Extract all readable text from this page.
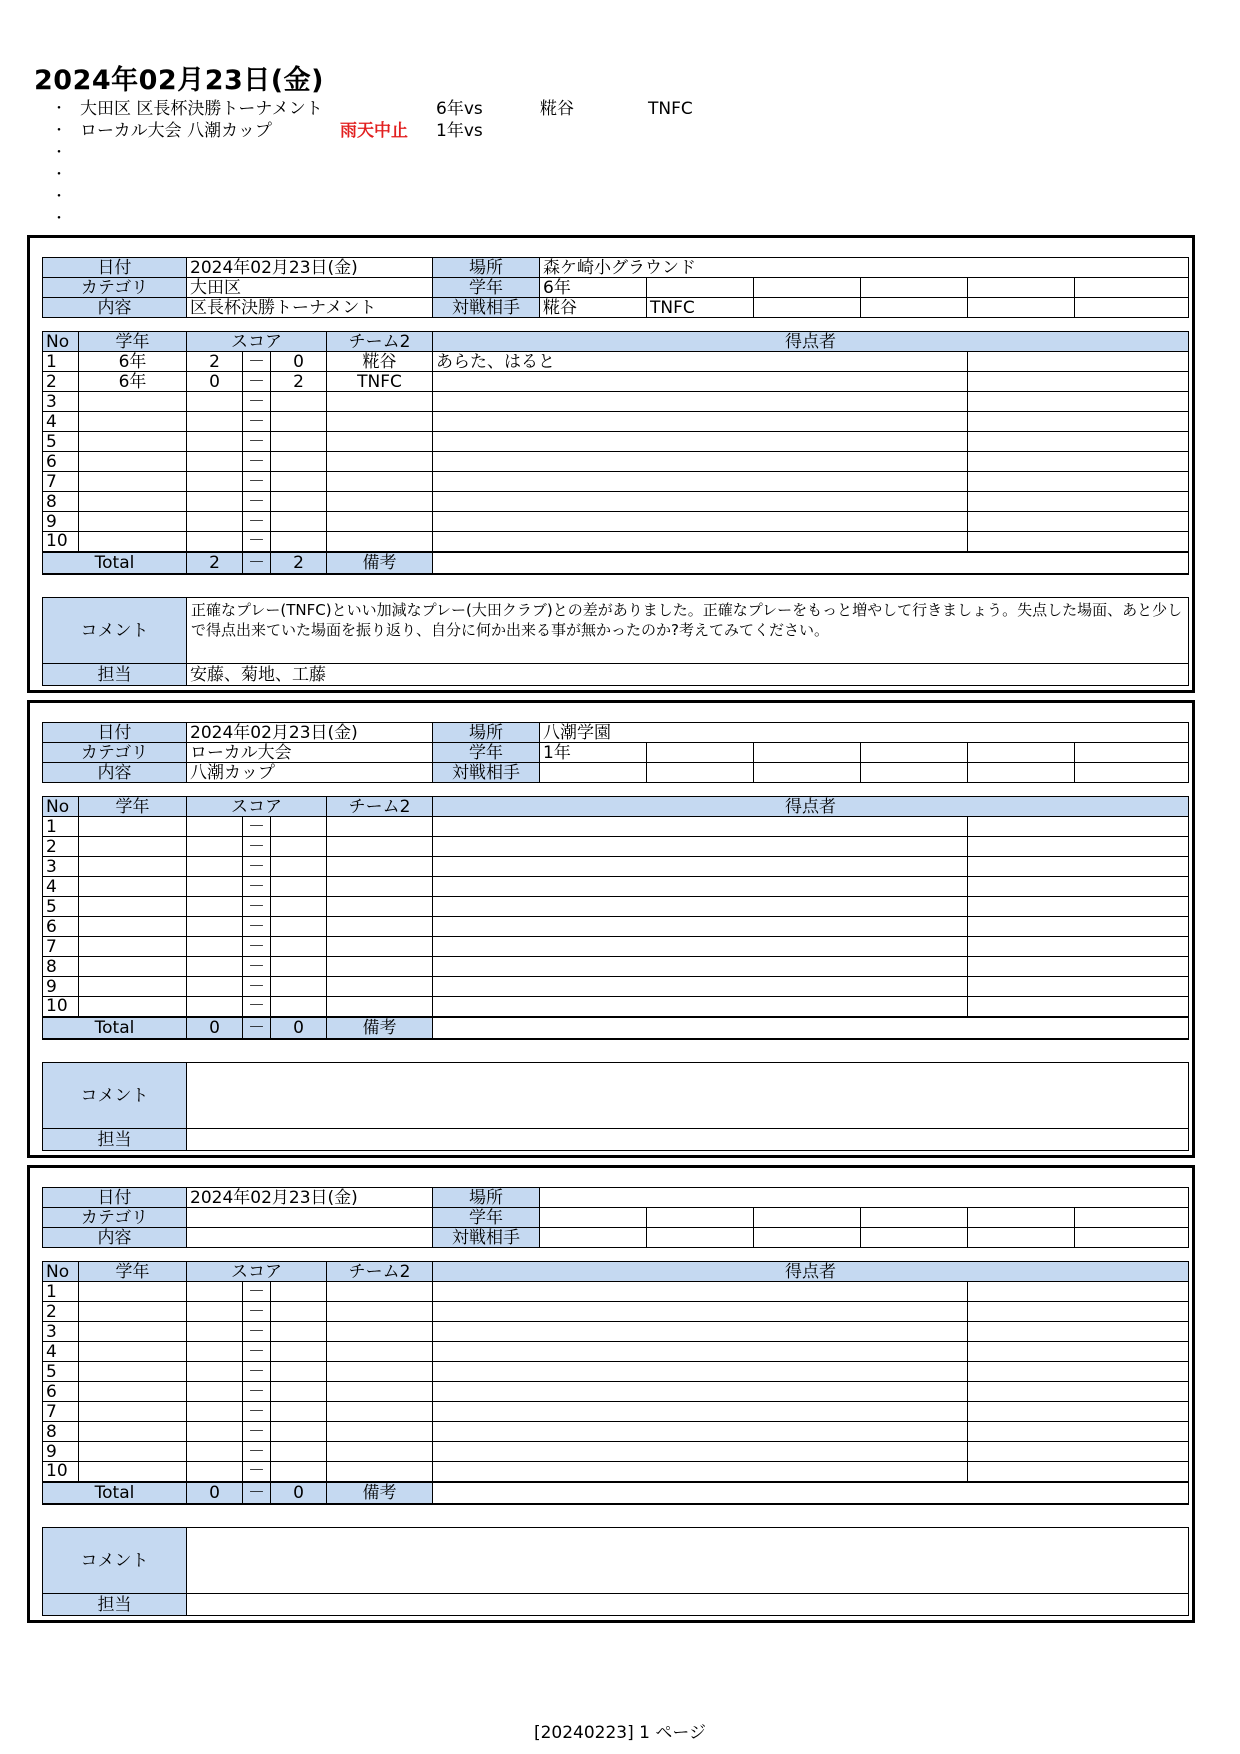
2024年02月23日(金)
・ 大田区 区長杯決勝トーナメント	6年vs	糀谷	TNFC
・ ローカル大会 八潮カップ	雨天中止 1年vs
・
・
・
・
日付	2024年02月23日(金)	場所	森ケ崎小グラウンド					
カテゴリ	大田区	学年	6年					
内容	区長杯決勝トーナメント	対戦相手	糀谷	TNFC				
No	学年	スコア			チーム2	得点者	
1	6年	2	－	0	糀谷	あらた、はると	
2	6年	0	－	2	TNFC		
3			－				
4			－				
5			－				
6			－				
7			－				
8			－				
9			－				
10			－				
Total		2	－	2	備考		
コメント	正確なプレー(TNFC)といい加減なプレー(大田クラブ)との差がありました。正確なプレーをもっと増やして行きましょう。失点した場面、あと少しで得点出来ていた場面を振り返り、自分に何か出来る事が無かったのか?考えてみてください。
担当	安藤、菊地、工藤
日付	2024年02月23日(金)	場所	八潮学園					
カテゴリ	ローカル大会	学年	1年					
内容	八潮カップ	対戦相手						
No	学年	スコア			チーム2	得点者	
1			－				
2			－				
3			－				
4			－				
5			－				
6			－				
7			－				
8			－				
9			－				
10			－				
Total		0	－	0	備考		
コメント	
担当	
日付	2024年02月23日(金)	場所						
カテゴリ		学年						
内容		対戦相手						
No	学年	スコア			チーム2	得点者	
1			－				
2			－				
3			－				
4			－				
5			－				
6			－				
7			－				
8			－				
9			－				
10			－				
Total		0	－	0	備考		
コメント	
担当	
[20240223] 1 ページ
